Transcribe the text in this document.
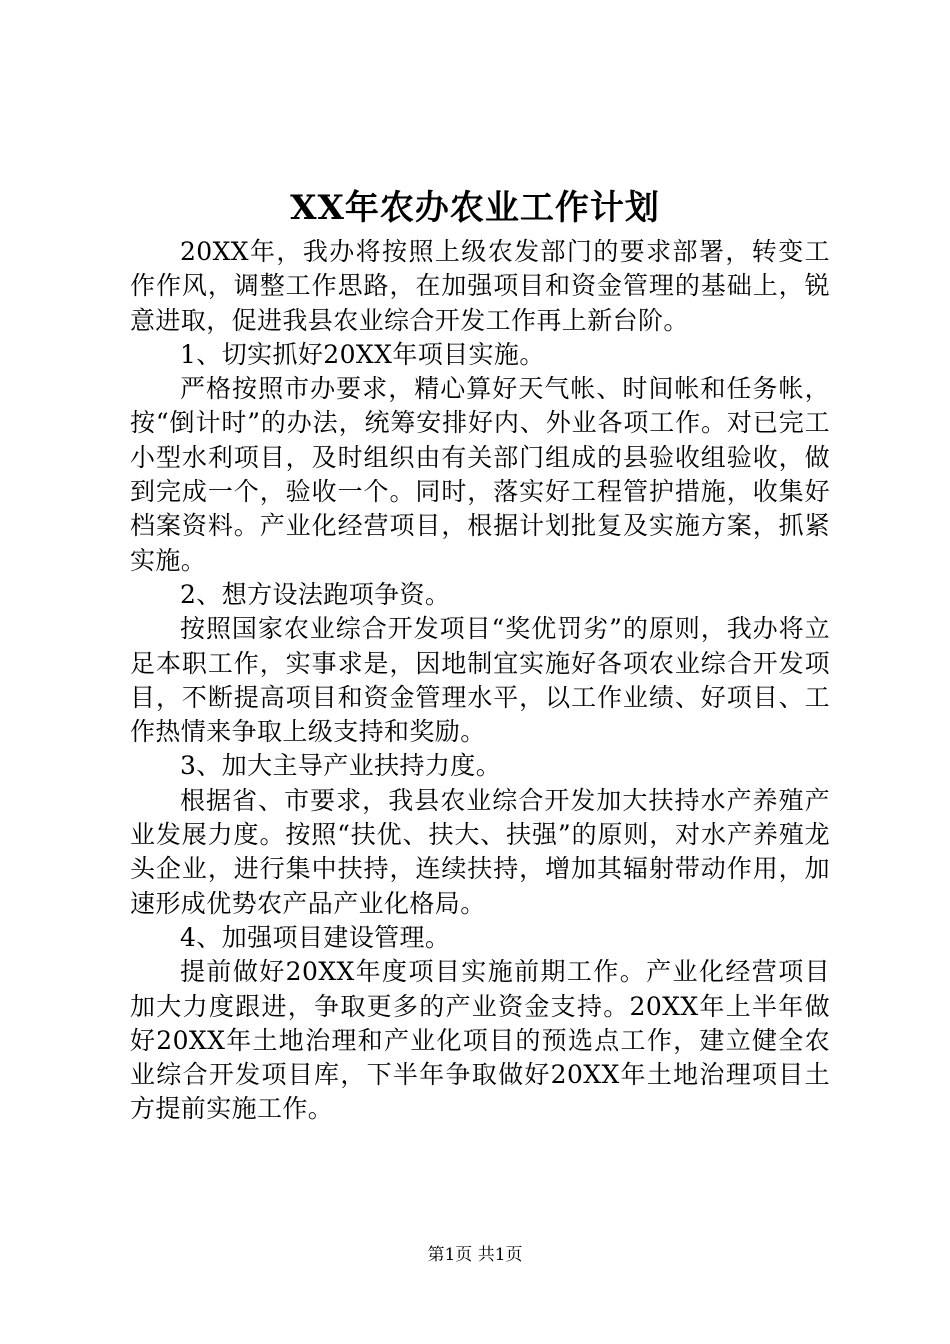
XX年农办农业工作计划

20XX年，我办将按照上级农发部门的要求部署，转变工作作风，调整工作思路，在加强项目和资金管理的基础上，锐意进取，促进我县农业综合开发工作再上新台阶。

1、切实抓好20XX年项目实施。

严格按照市办要求，精心算好天气帐、时间帐和任务帐，按“倒计时”的办法，统筹安排好内、外业各项工作。对已完工小型水利项目，及时组织由有关部门组成的县验收组验收，做到完成一个，验收一个。同时，落实好工程管护措施，收集好档案资料。产业化经营项目，根据计划批复及实施方案，抓紧实施。

2、想方设法跑项争资。

按照国家农业综合开发项目“奖优罚劣”的原则，我办将立足本职工作，实事求是，因地制宜实施好各项农业综合开发项目，不断提高项目和资金管理水平，以工作业绩、好项目、工作热情来争取上级支持和奖励。

3、加大主导产业扶持力度。

根据省、市要求，我县农业综合开发加大扶持水产养殖产业发展力度。按照“扶优、扶大、扶强”的原则，对水产养殖龙头企业，进行集中扶持，连续扶持，增加其辐射带动作用，加速形成优势农产品产业化格局。

4、加强项目建设管理。

提前做好20XX年度项目实施前期工作。产业化经营项目加大力度跟进，争取更多的产业资金支持。20XX年上半年做好20XX年土地治理和产业化项目的预选点工作，建立健全农业综合开发项目库，下半年争取做好20XX年土地治理项目土方提前实施工作。

第1页 共1页
